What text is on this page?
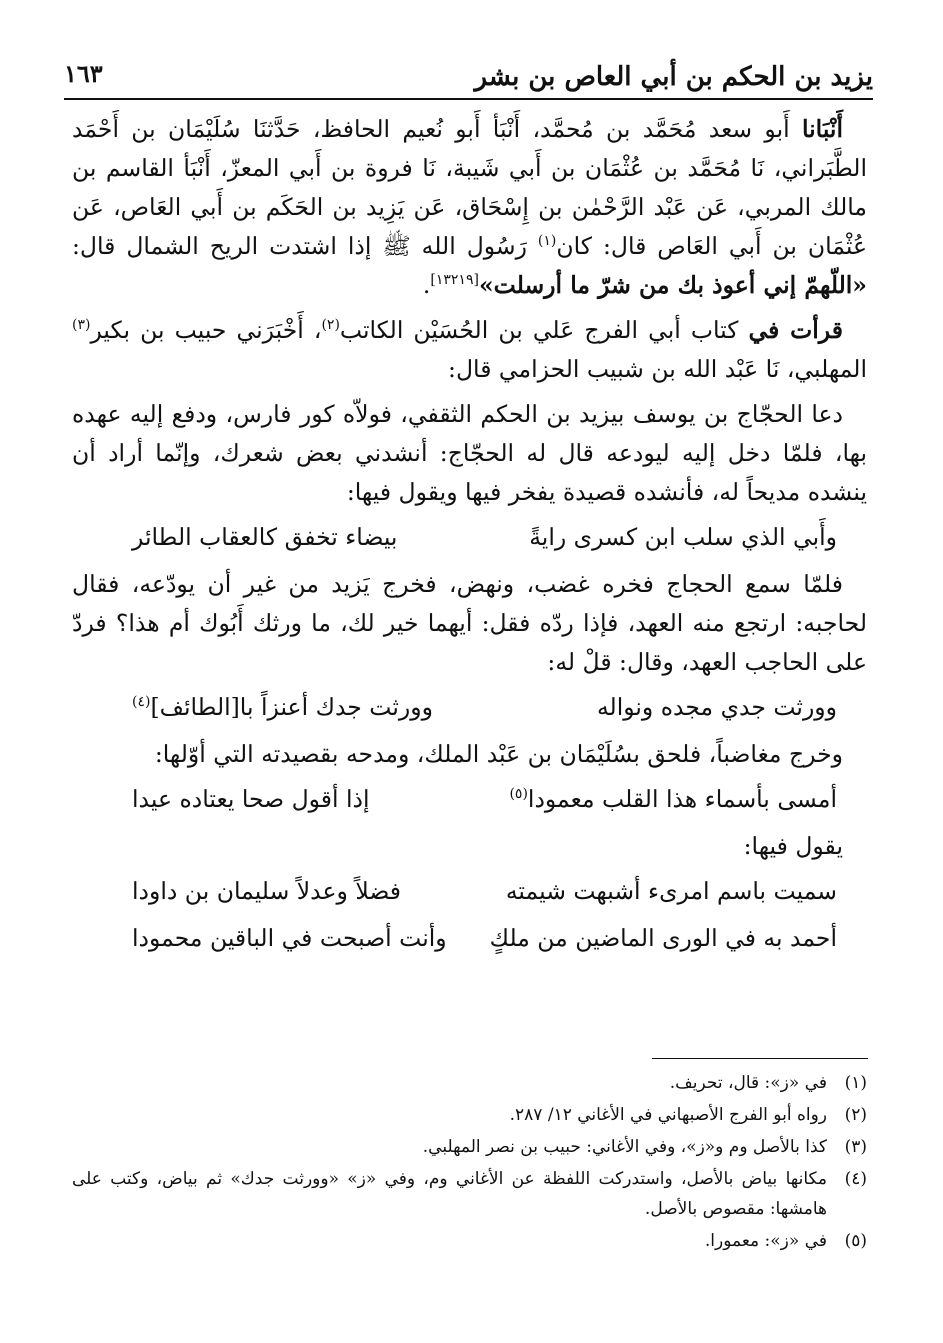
يزيد بن الحكم بن أبي العاص بن بشر
١٦٣

أَنْبَانا أَبو سعد مُحَمَّد بن مُحمَّد، أَنْبَأ أَبو نُعيم الحافظ، حَدَّثنَا سُلَيْمَان بن أَحْمَد الطَّبَراني، نَا مُحَمَّد بن عُثْمَان بن أَبي شَيبة، نَا فروة بن أَبي المعزّ، أَنْبَأ القاسم بن مالك المربي، عَن عَبْد الرَّحْمٰن بن إِسْحَاق، عَن يَزِيد بن الحَكَم بن أَبي العَاص، عَن عُثْمَان بن أَبي العَاص قال: كان$^{(١)}$ رَسُول الله ﷺ إذا اشتدت الريح الشمال قال: «اللّهمّ إني أعوذ بك من شرّ ما أرسلت»[١٣٢١٩].

قرأت في كتاب أبي الفرج عَلي بن الحُسَيْن الكاتب$^{(٢)}$، أَخْبَرَني حبيب بن بكير$^{(٣)}$ المهلبي، نَا عَبْد الله بن شبيب الحزامي قال:

دعا الحجّاج بن يوسف بيزيد بن الحكم الثقفي، فولاّه كور فارس، ودفع إليه عهده بها، فلمّا دخل إليه ليودعه قال له الحجّاج: أنشدني بعض شعرك، وإنّما أراد أن ينشده مديحاً له، فأنشده قصيدة يفخر فيها ويقول فيها:

وأَبي الذي سلب ابن كسرى رايةً
بيضاء تخفق كالعقاب الطائر

فلمّا سمع الحجاج فخره غضب، ونهض، فخرج يَزيد من غير أن يودّعه، فقال لحاجبه: ارتجع منه العهد، فإذا ردّه فقل: أيهما خير لك، ما ورثك أَبُوك أم هذا؟ فردّ على الحاجب العهد، وقال: قلْ له:

وورثت جدي مجده ونواله
وورثت جدك أعنزاً با[الطائف]$^{(٤)}$

وخرج مغاضباً، فلحق بسُلَيْمَان بن عَبْد الملك، ومدحه بقصيدته التي أوّلها:

أمسى بأسماء هذا القلب معمودا$^{(٥)}$
إذا أقول صحا يعتاده عيدا

يقول فيها:

سميت باسم امرىء أشبهت شيمته
فضلاً وعدلاً سليمان بن داودا
أحمد به في الورى الماضين من ملكٍ
وأنت أصبحت في الباقين محمودا
(١)
في «ز»: قال، تحريف.
(٢)
رواه أبو الفرج الأصبهاني في الأغاني ١٢/ ٢٨٧.
(٣)
كذا بالأصل وم و«ز»، وفي الأغاني: حبيب بن نصر المهلبي.
(٤)
مكانها بياض بالأصل، واستدركت اللفظة عن الأغاني وم، وفي «ز» «وورثت جدك» ثم بياض، وكتب على هامشها: مقصوص بالأصل.
(٥)
في «ز»: معمورا.
